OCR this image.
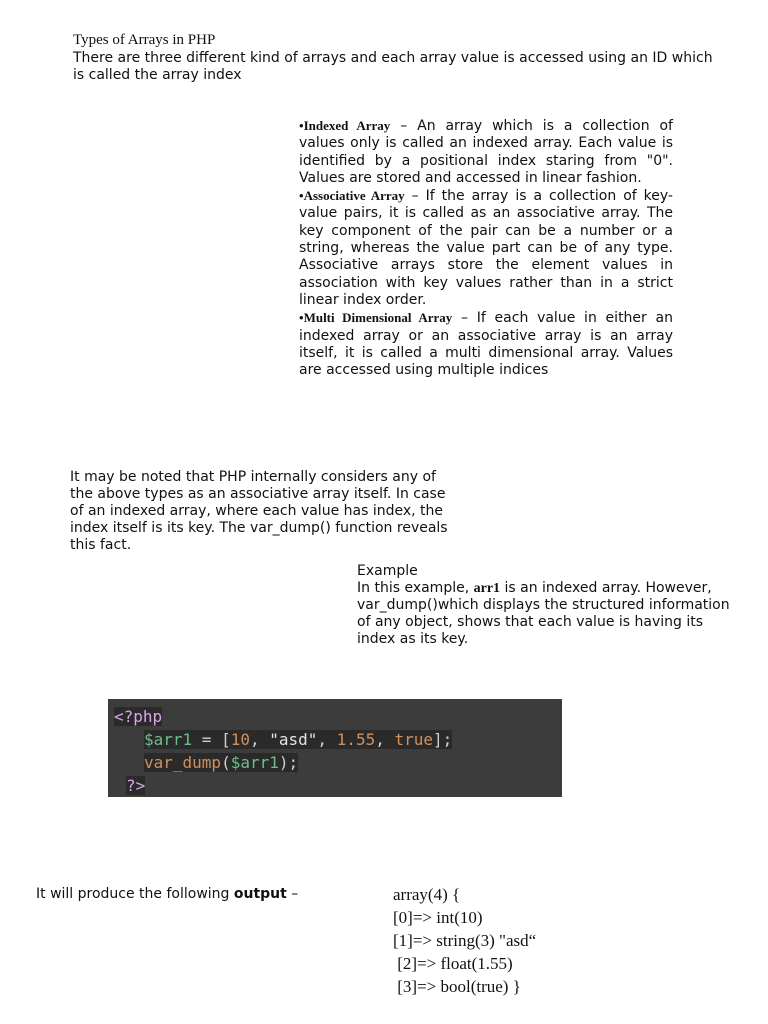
Types of Arrays in PHP
There are three different kind of arrays and each array value is accessed using an ID which is called the array index

•Indexed Array – An array which is a collection of values only is called an indexed array. Each value is identified by a positional index staring from "0". Values are stored and accessed in linear fashion.

•Associative Array – If the array is a collection of key-value pairs, it is called as an associative array. The key component of the pair can be a number or a string, whereas the value part can be of any type. Associative arrays store the element values in association with key values rather than in a strict linear index order.

•Multi Dimensional Array – If each value in either an indexed array or an associative array is an array itself, it is called a multi dimensional array. Values are accessed using multiple indices

It may be noted that PHP internally considers any of the above types as an associative array itself. In case of an indexed array, where each value has index, the index itself is its key. The var_dump() function reveals this fact.

Example

In this example, arr1 is an indexed array. However, var_dump()which displays the structured information of any object, shows that each value is having its index as its key.

<?php
$arr1 = [10, "asd", 1.55, true];
var_dump($arr1);
?>
It will produce the following output –	array(4) {
[0]=> int(10)
[1]=> string(3) "asd“
[2]=> float(1.55)
[3]=> bool(true) }
